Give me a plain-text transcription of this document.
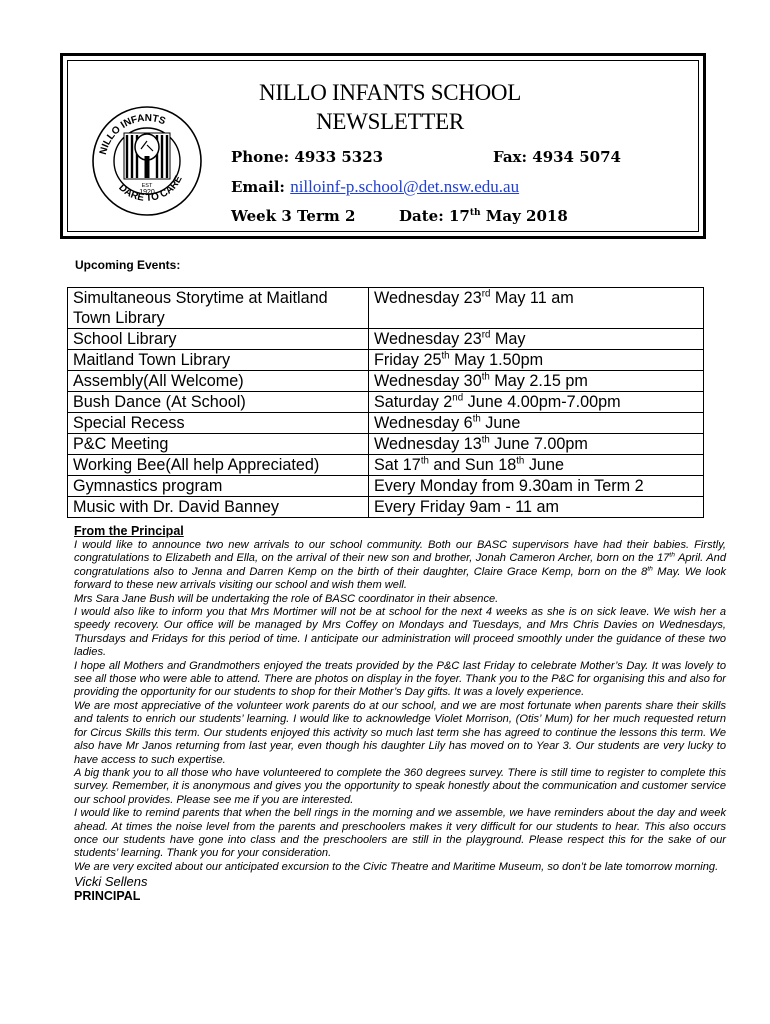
NILLO INFANTS
DARE TO CARE
EST
1920
NILLO INFANTS SCHOOL
NEWSLETTER
Phone: 4933 5323	Fax: 4934 5074
Email: nilloinf-p.school@det.nsw.edu.au
Week 3 Term 2	Date: 17th May 2018
Upcoming Events:
Simultaneous Storytime at Maitland Town Library	Wednesday 23rd May 11 am
School Library	Wednesday 23rd May
Maitland Town Library	Friday 25th May 1.50pm
Assembly(All Welcome)	Wednesday 30th May 2.15 pm
Bush Dance (At School)	Saturday 2nd June 4.00pm-7.00pm
Special Recess	Wednesday 6th June
P&C Meeting	Wednesday 13th June 7.00pm
Working Bee(All help Appreciated)	Sat 17th and Sun 18th June
Gymnastics program	Every Monday from 9.30am in Term 2
Music with Dr. David Banney	Every Friday 9am - 11 am
From the Principal

I would like to announce two new arrivals to our school community. Both our BASC supervisors have had their babies. Firstly, congratulations to Elizabeth and Ella, on the arrival of their new son and brother, Jonah Cameron Archer, born on the 17th April. And congratulations also to Jenna and Darren Kemp on the birth of their daughter, Claire Grace Kemp, born on the 8th May. We look forward to these new arrivals visiting our school and wish them well.

Mrs Sara Jane Bush will be undertaking the role of BASC coordinator in their absence.

I would also like to inform you that Mrs Mortimer will not be at school for the next 4 weeks as she is on sick leave. We wish her a speedy recovery. Our office will be managed by Mrs Coffey on Mondays and Tuesdays, and Mrs Chris Davies on Wednesdays, Thursdays and Fridays for this period of time. I anticipate our administration will proceed smoothly under the guidance of these two ladies.

I hope all Mothers and Grandmothers enjoyed the treats provided by the P&C last Friday to celebrate Mother’s Day. It was lovely to see all those who were able to attend. There are photos on display in the foyer. Thank you to the P&C for organising this and also for providing the opportunity for our students to shop for their Mother’s Day gifts. It was a lovely experience.

We are most appreciative of the volunteer work parents do at our school, and we are most fortunate when parents share their skills and talents to enrich our students’ learning. I would like to acknowledge Violet Morrison, (Otis’ Mum) for her much requested return for Circus Skills this term. Our students enjoyed this activity so much last term she has agreed to continue the lessons this term. We also have Mr Janos returning from last year, even though his daughter Lily has moved on to Year 3. Our students are very lucky to have access to such expertise.

A big thank you to all those who have volunteered to complete the 360 degrees survey. There is still time to register to complete this survey. Remember, it is anonymous and gives you the opportunity to speak honestly about the communication and customer service our school provides. Please see me if you are interested.

I would like to remind parents that when the bell rings in the morning and we assemble, we have reminders about the day and week ahead. At times the noise level from the parents and preschoolers makes it very difficult for our students to hear. This also occurs once our students have gone into class and the preschoolers are still in the playground. Please respect this for the sake of our students’ learning. Thank you for your consideration.

We are very excited about our anticipated excursion to the Civic Theatre and Maritime Museum, so don’t be late tomorrow morning.

Vicki Sellens

PRINCIPAL
